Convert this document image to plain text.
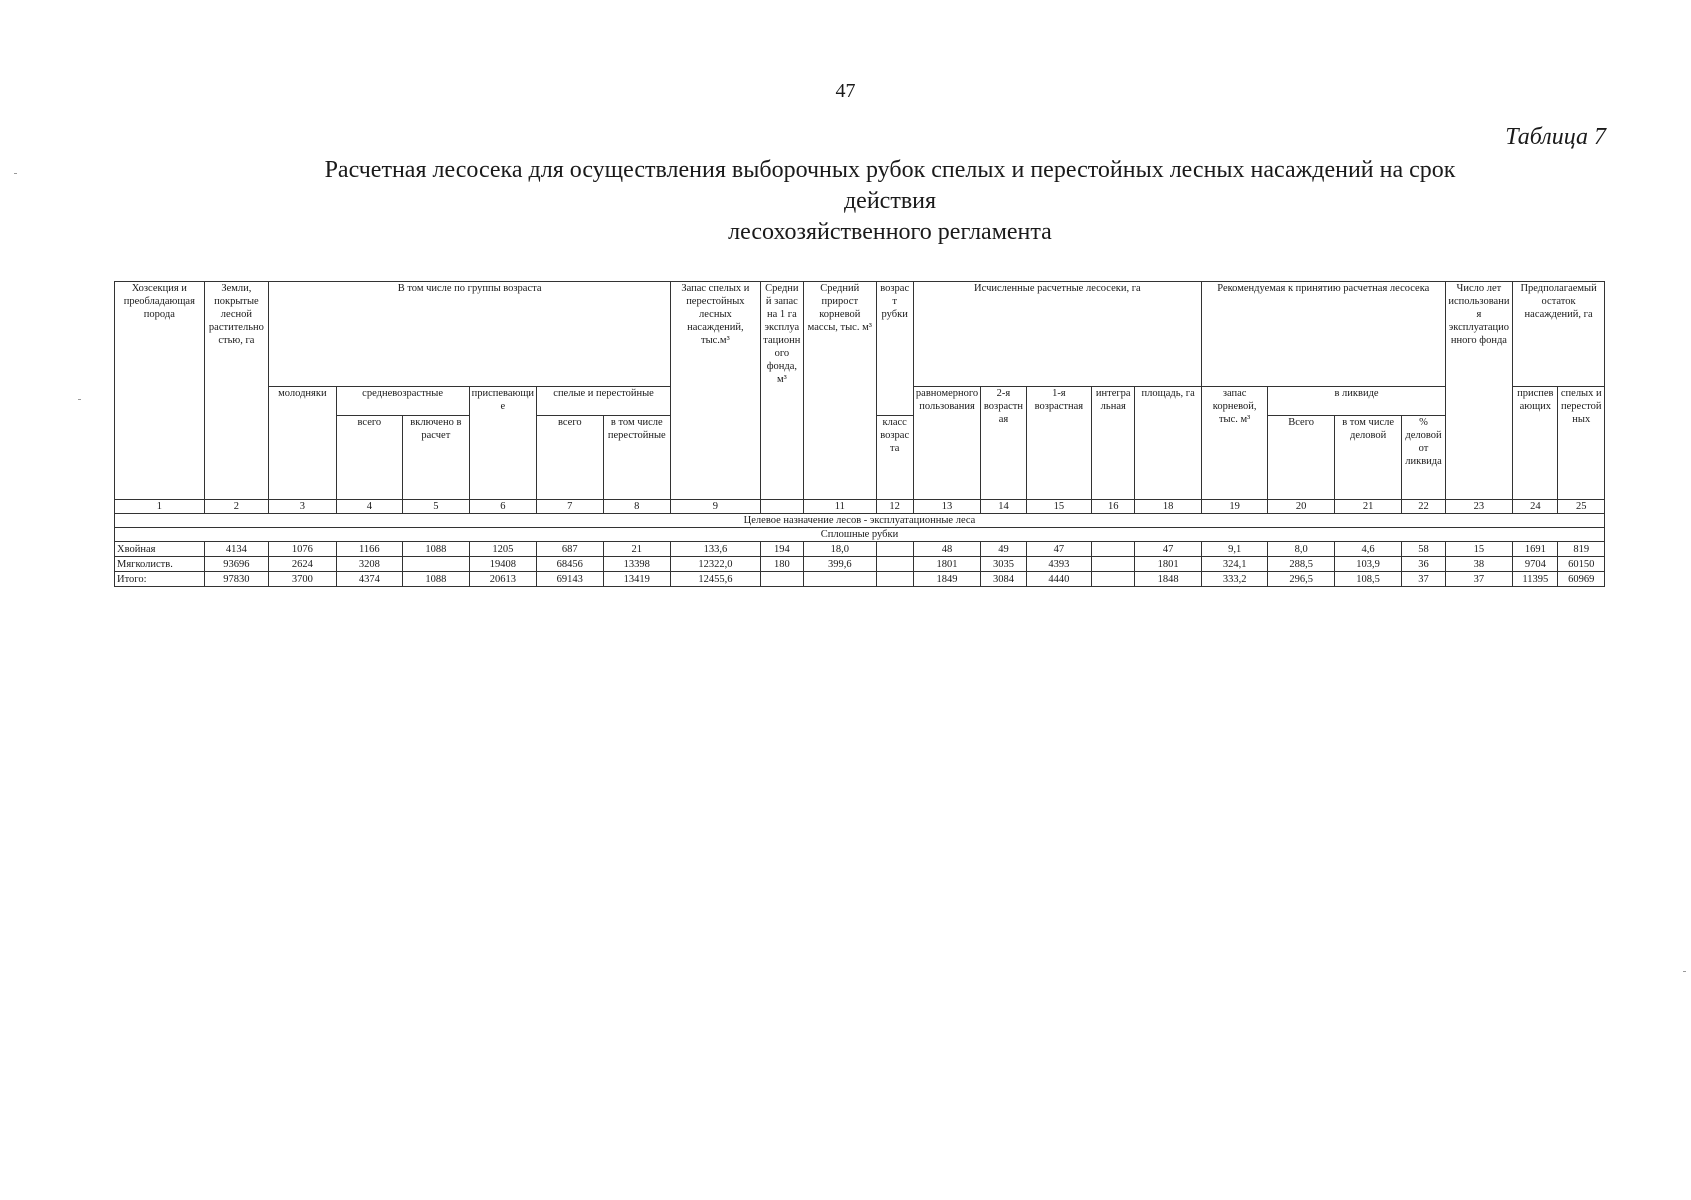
47
Таблица 7
Расчетная лесосека для осуществления выборочных рубок спелых и перестойных лесных насаждений на срок
действия
лесохозяйственного регламента
Хозсекция и преобладающая порода	Земли, покрытые лесной растительностью, га	В том числе по группы возраста						Запас спелых и перестойных лесных насаждений, тыс.м³	Средний запас на 1 га эксплуатационного фонда, м³	Средний прирост корневой массы, тыс. м³	возраст рубки	Исчисленные расчетные лесосеки, га					Рекомендуемая к принятию расчетная лесосека				Число лет использования эксплуатационного фонда	Предполагаемый остаток насаждений, га	
		молодняки	средневозрастные		приспевающие	спелые и перестойные						равномерного пользования	2-я возрастная	1-я возрастная	интегральная	площадь, га	запас корневой, тыс. м³	в ликвиде				приспевающих	спелых и перестойных
			всего	включено в расчет		всего	в том числе перестойные				класс возраста							Всего	в том числе деловой	% деловой от ликвида			
1	2	3	4	5	6	7	8	9		11	12	13	14	15	16	18	19	20	21	22	23	24	25
Целевое назначение лесов - эксплуатационные леса																							
Сплошные рубки																							
Хвойная	4134	1076	1166	1088	1205	687	21	133,6	194	18,0		48	49	47		47	9,1	8,0	4,6	58	15	1691	819
Мягколиств.	93696	2624	3208		19408	68456	13398	12322,0	180	399,6		1801	3035	4393		1801	324,1	288,5	103,9	36	38	9704	60150
Итого:	97830	3700	4374	1088	20613	69143	13419	12455,6				1849	3084	4440		1848	333,2	296,5	108,5	37	37	11395	60969
